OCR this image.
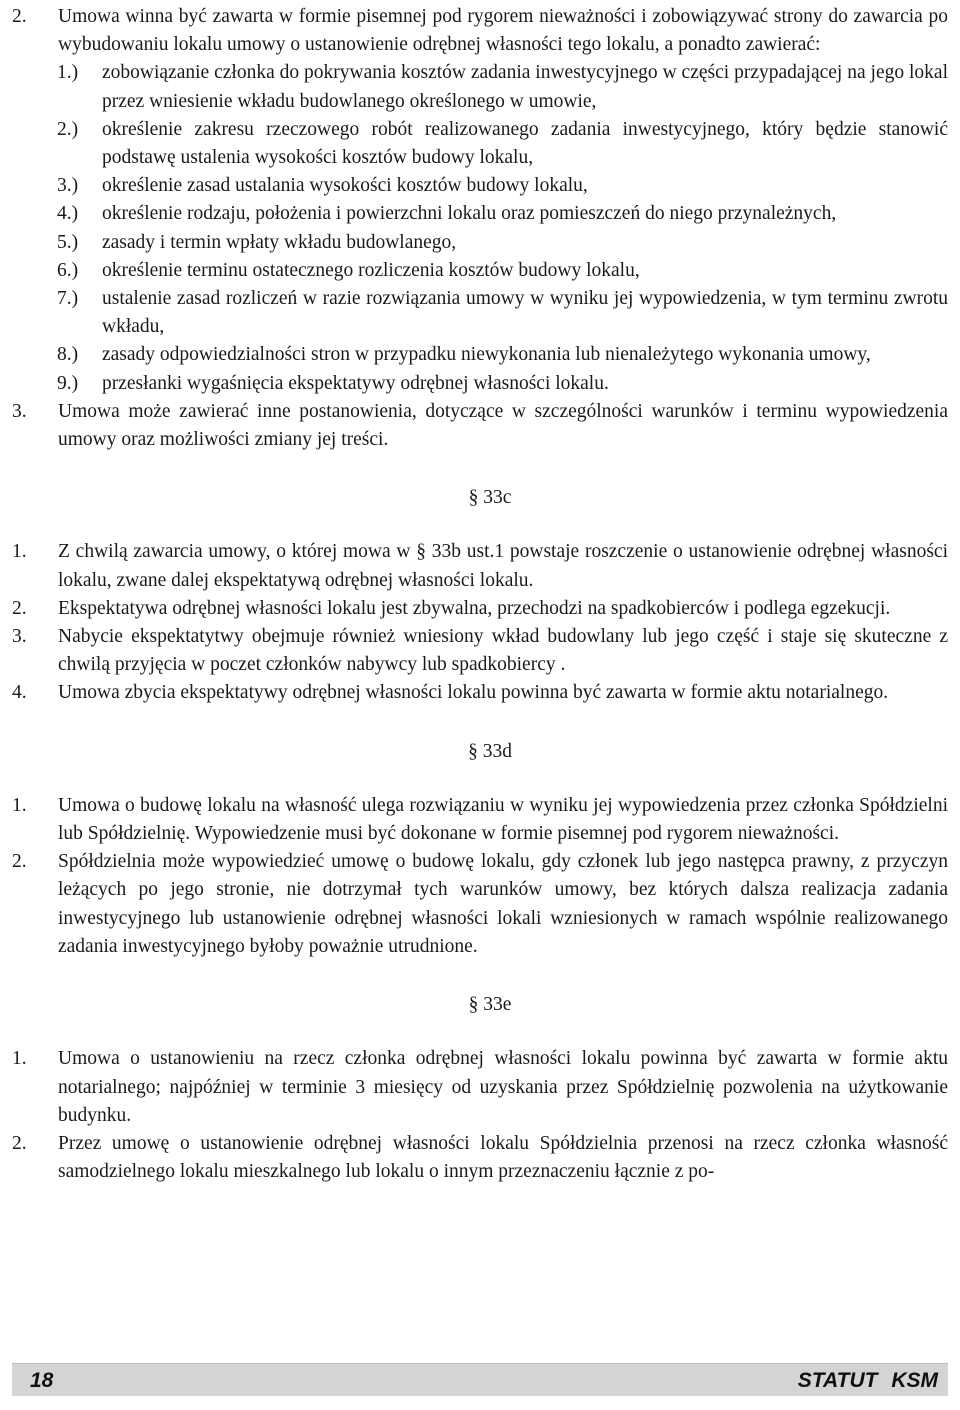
2.	Umowa winna być zawarta w formie pisemnej pod rygorem nieważności i zobowiązywać strony do zawarcia po wybudowaniu lokalu umowy o ustanowienie odrębnej własności tego lokalu, a ponadto zawierać:
1.)	zobowiązanie członka do pokrywania kosztów zadania inwestycyjnego w części przypadającej na jego lokal przez wniesienie wkładu budowlanego określonego w umowie,
2.)	określenie zakresu rzeczowego robót realizowanego zadania inwestycyjnego, który będzie stanowić podstawę ustalenia wysokości kosztów budowy lokalu,
3.)	określenie zasad ustalania wysokości kosztów budowy lokalu,
4.)	określenie rodzaju, położenia i powierzchni lokalu oraz pomieszczeń do niego przynależnych,
5.)	zasady i termin wpłaty wkładu budowlanego,
6.)	określenie terminu ostatecznego rozliczenia kosztów budowy lokalu,
7.)	ustalenie zasad rozliczeń w razie rozwiązania umowy w wyniku jej wypowiedzenia, w tym terminu zwrotu wkładu,
8.)	zasady odpowiedzialności stron w przypadku niewykonania lub nienależytego wykonania umowy,
9.)	przesłanki wygaśnięcia ekspektatywy odrębnej własności lokalu.
3.	Umowa może zawierać inne postanowienia, dotyczące w szczególności warunków i terminu wypowiedzenia umowy oraz możliwości zmiany jej treści.
§ 33c
1.	Z chwilą zawarcia umowy, o której mowa w § 33b ust.1 powstaje roszczenie o ustanowienie odrębnej własności lokalu, zwane dalej ekspektatywą odrębnej własności lokalu.
2.	Ekspektatywa odrębnej własności lokalu jest zbywalna, przechodzi na spadkobierców i podlega egzekucji.
3.	Nabycie ekspektatytwy obejmuje również wniesiony wkład budowlany lub jego część i staje się skuteczne z chwilą przyjęcia w poczet członków nabywcy lub spadkobiercy .
4.	Umowa zbycia ekspektatywy odrębnej własności lokalu powinna być zawarta w formie aktu notarialnego.
§ 33d
1.	Umowa o budowę lokalu na własność ulega rozwiązaniu w wyniku jej wypowiedzenia przez członka Spółdzielni lub Spółdzielnię. Wypowiedzenie musi być dokonane w formie pisemnej pod rygorem nieważności.
2.	Spółdzielnia może wypowiedzieć umowę o budowę lokalu, gdy członek lub jego następca prawny, z przyczyn leżących po jego stronie, nie dotrzymał tych warunków umowy, bez których dalsza realizacja zadania inwestycyjnego lub ustanowienie odrębnej własności lokali wzniesionych w ramach wspólnie realizowanego zadania inwestycyjnego byłoby poważnie utrudnione.
§ 33e
1.	Umowa o ustanowieniu na rzecz członka odrębnej własności lokalu powinna być zawarta w formie aktu notarialnego; najpóźniej w terminie 3 miesięcy od uzyskania przez Spółdzielnię pozwolenia na użytkowanie budynku.
2.	Przez umowę o ustanowienie odrębnej własności lokalu Spółdzielnia przenosi na rzecz członka własność samodzielnego lokalu mieszkalnego lub lokalu o innym przeznaczeniu łącznie z po-
18	STATUT KSM
